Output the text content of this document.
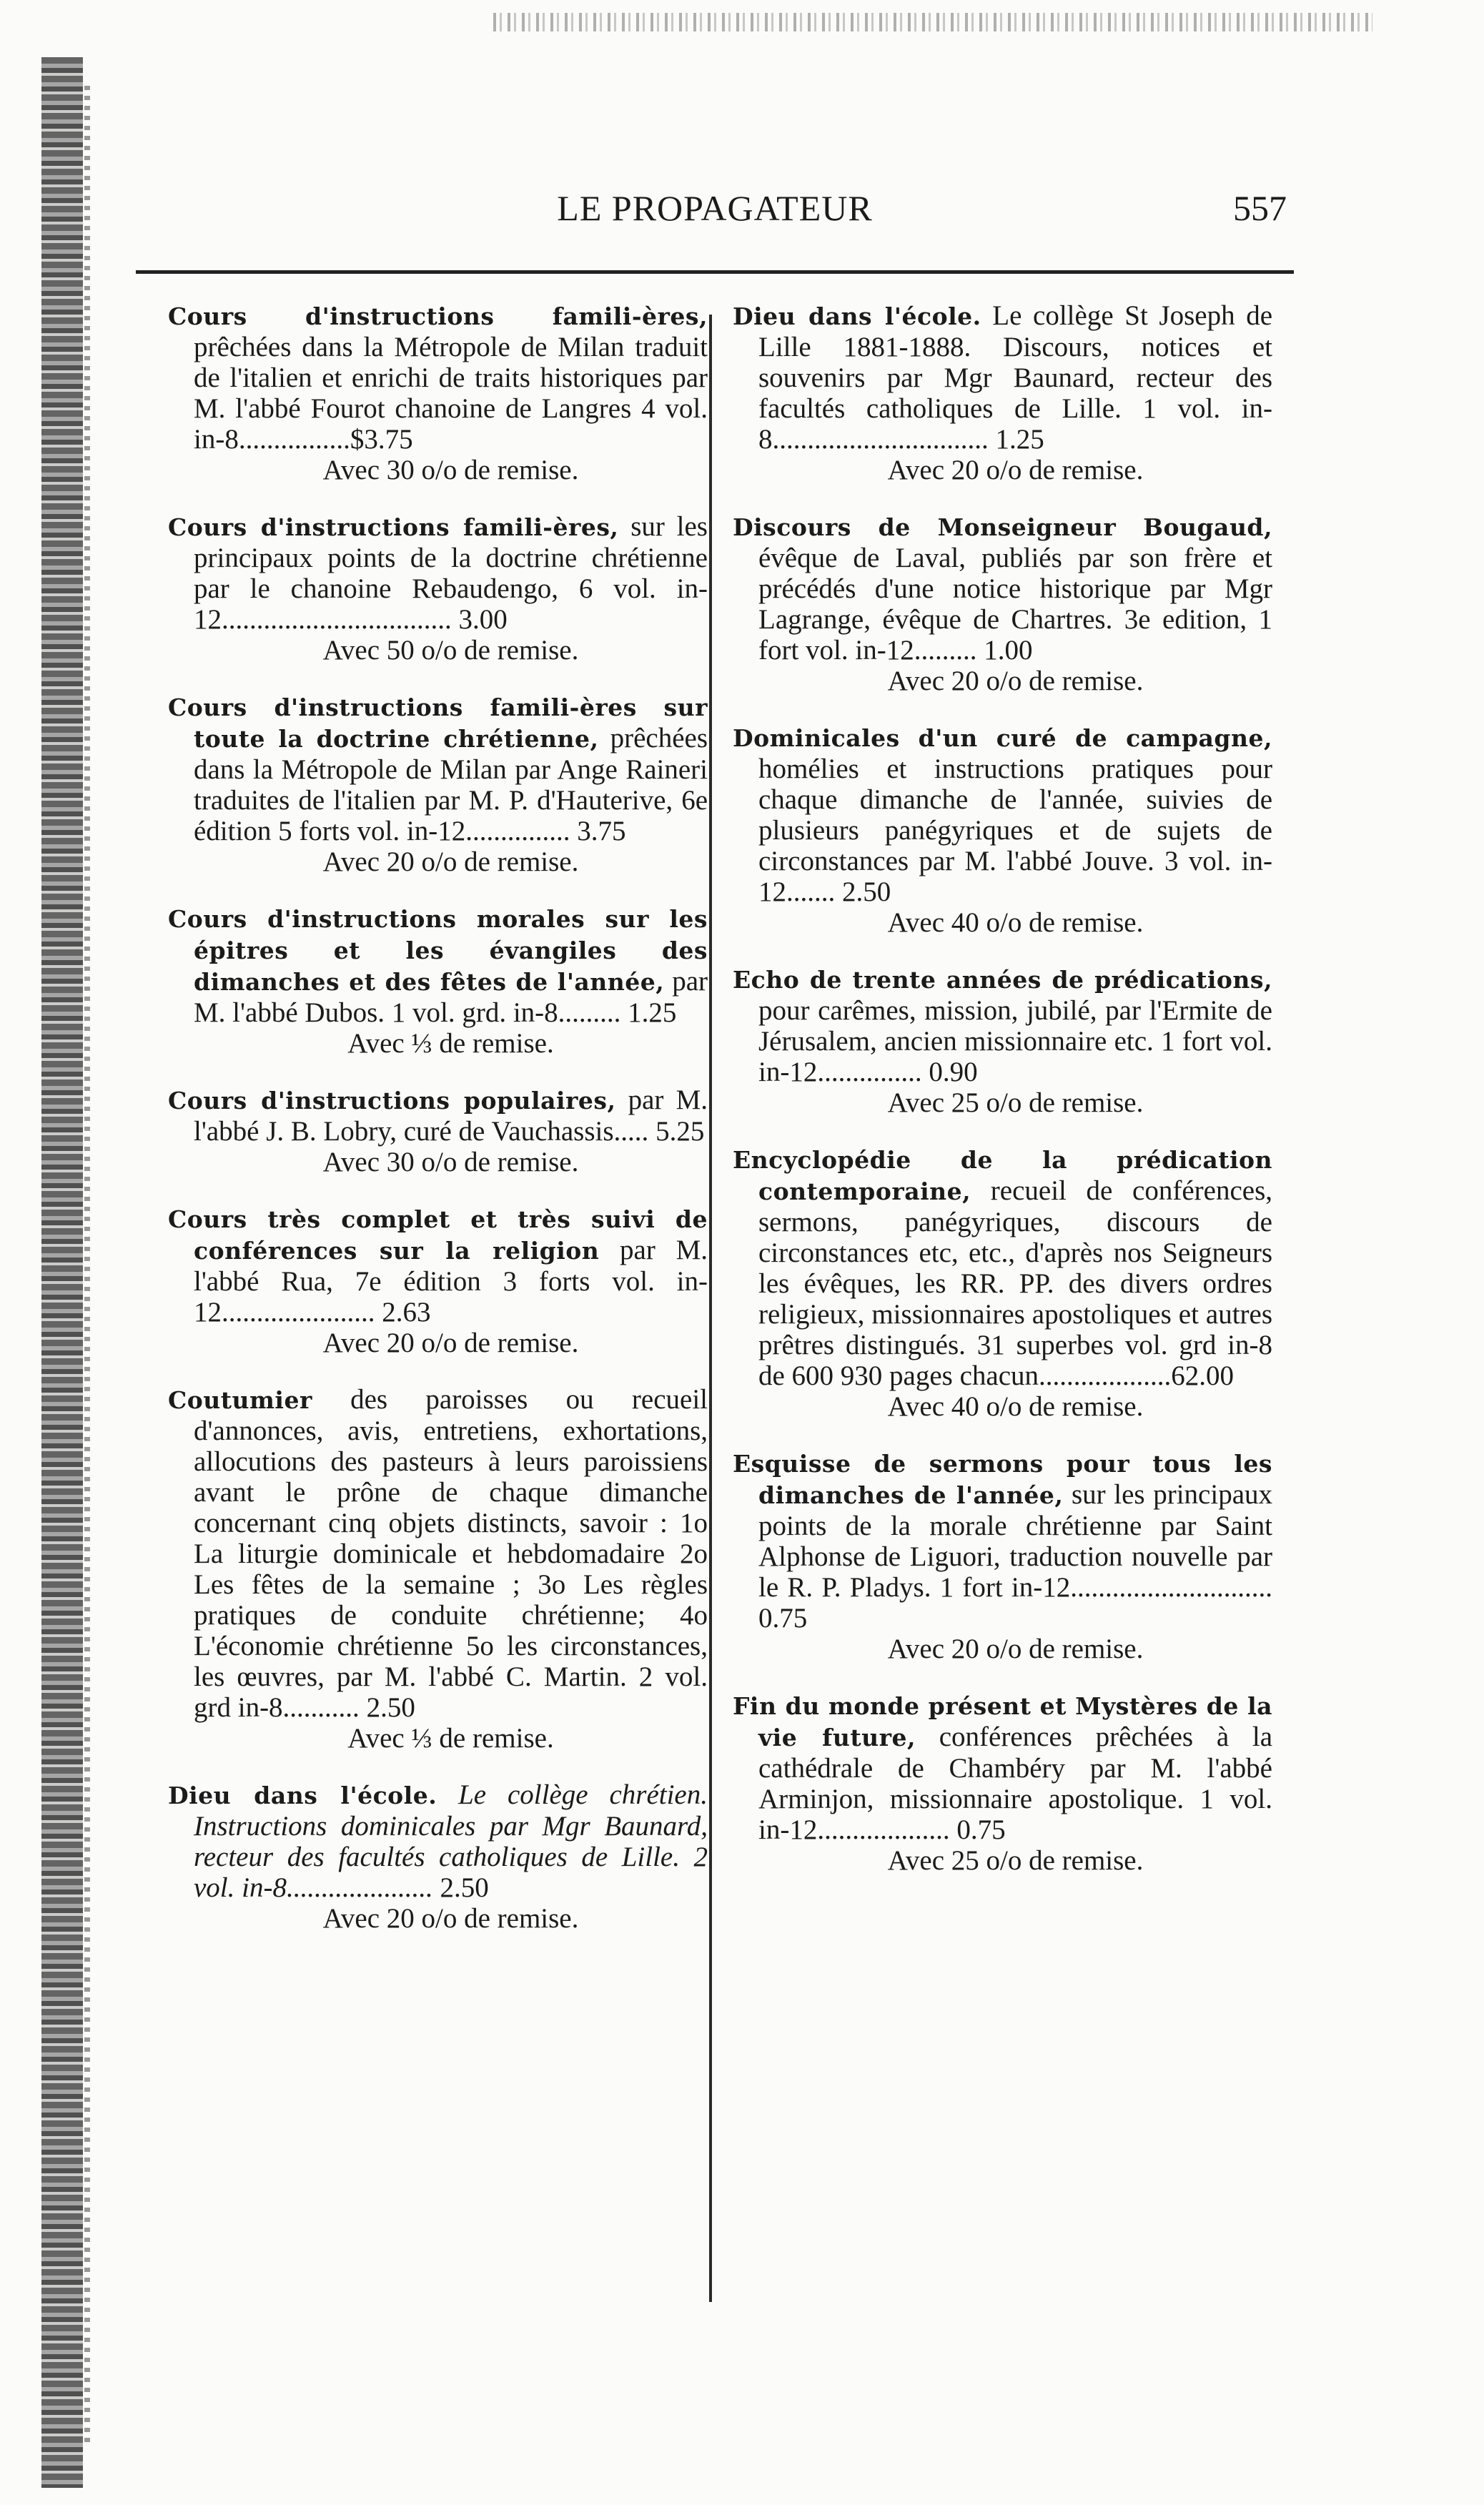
LE PROPAGATEUR	557

Cours d'instructions famili-ères, prêchées dans la Métropole de Milan traduit de l'italien et enrichi de traits historiques par M. l'abbé Fourot chanoine de Langres 4 vol. in-8................$3.75

Avec 30 o/o de remise.

Cours d'instructions famili-ères, sur les principaux points de la doctrine chrétienne par le chanoine Rebaudengo, 6 vol. in-12................................. 3.00

Avec 50 o/o de remise.

Cours d'instructions famili-ères sur toute la doctrine chrétienne, prêchées dans la Métropole de Milan par Ange Raineri traduites de l'italien par M. P. d'Hauterive, 6e édition 5 forts vol. in-12............... 3.75

Avec 20 o/o de remise.

Cours d'instructions morales sur les épitres et les évangiles des dimanches et des fêtes de l'année, par M. l'abbé Dubos. 1 vol. grd. in-8......... 1.25

Avec ⅓ de remise.

Cours d'instructions populaires, par M. l'abbé J. B. Lobry, curé de Vauchassis..... 5.25

Avec 30 o/o de remise.

Cours très complet et très suivi de conférences sur la religion par M. l'abbé Rua, 7e édition 3 forts vol. in-12...................... 2.63

Avec 20 o/o de remise.

Coutumier des paroisses ou recueil d'annonces, avis, entretiens, exhortations, allocutions des pasteurs à leurs paroissiens avant le prône de chaque dimanche concernant cinq objets distincts, savoir : 1o La liturgie dominicale et hebdomadaire 2o Les fêtes de la semaine ; 3o Les règles pratiques de conduite chrétienne; 4o L'économie chrétienne 5o les circonstances, les œuvres, par M. l'abbé C. Martin. 2 vol. grd in-8........... 2.50

Avec ⅓ de remise.

Dieu dans l'école. Le collège chrétien. Instructions dominicales par Mgr Baunard, recteur des facultés catholiques de Lille. 2 vol. in-8..................... 2.50

Avec 20 o/o de remise.

Dieu dans l'école. Le collège St Joseph de Lille 1881-1888. Discours, notices et souvenirs par Mgr Baunard, recteur des facultés catholiques de Lille. 1 vol. in-8............................... 1.25

Avec 20 o/o de remise.

Discours de Monseigneur Bougaud, évêque de Laval, publiés par son frère et précédés d'une notice historique par Mgr Lagrange, évêque de Chartres. 3e edition, 1 fort vol. in-12......... 1.00

Avec 20 o/o de remise.

Dominicales d'un curé de campagne, homélies et instructions pratiques pour chaque dimanche de l'année, suivies de plusieurs panégyriques et de sujets de circonstances par M. l'abbé Jouve. 3 vol. in-12....... 2.50

Avec 40 o/o de remise.

Echo de trente années de prédications, pour carêmes, mission, jubilé, par l'Ermite de Jérusalem, ancien missionnaire etc. 1 fort vol. in-12............... 0.90

Avec 25 o/o de remise.

Encyclopédie de la prédication contemporaine, recueil de conférences, sermons, panégyriques, discours de circonstances etc, etc., d'après nos Seigneurs les évêques, les RR. PP. des divers ordres religieux, missionnaires apostoliques et autres prêtres distingués. 31 superbes vol. grd in-8 de 600 930 pages chacun...................62.00

Avec 40 o/o de remise.

Esquisse de sermons pour tous les dimanches de l'année, sur les principaux points de la morale chrétienne par Saint Alphonse de Liguori, traduction nouvelle par le R. P. Pladys. 1 fort in-12............................. 0.75

Avec 20 o/o de remise.

Fin du monde présent et Mystères de la vie future, conférences prêchées à la cathédrale de Chambéry par M. l'abbé Arminjon, missionnaire apostolique. 1 vol. in-12................... 0.75

Avec 25 o/o de remise.
